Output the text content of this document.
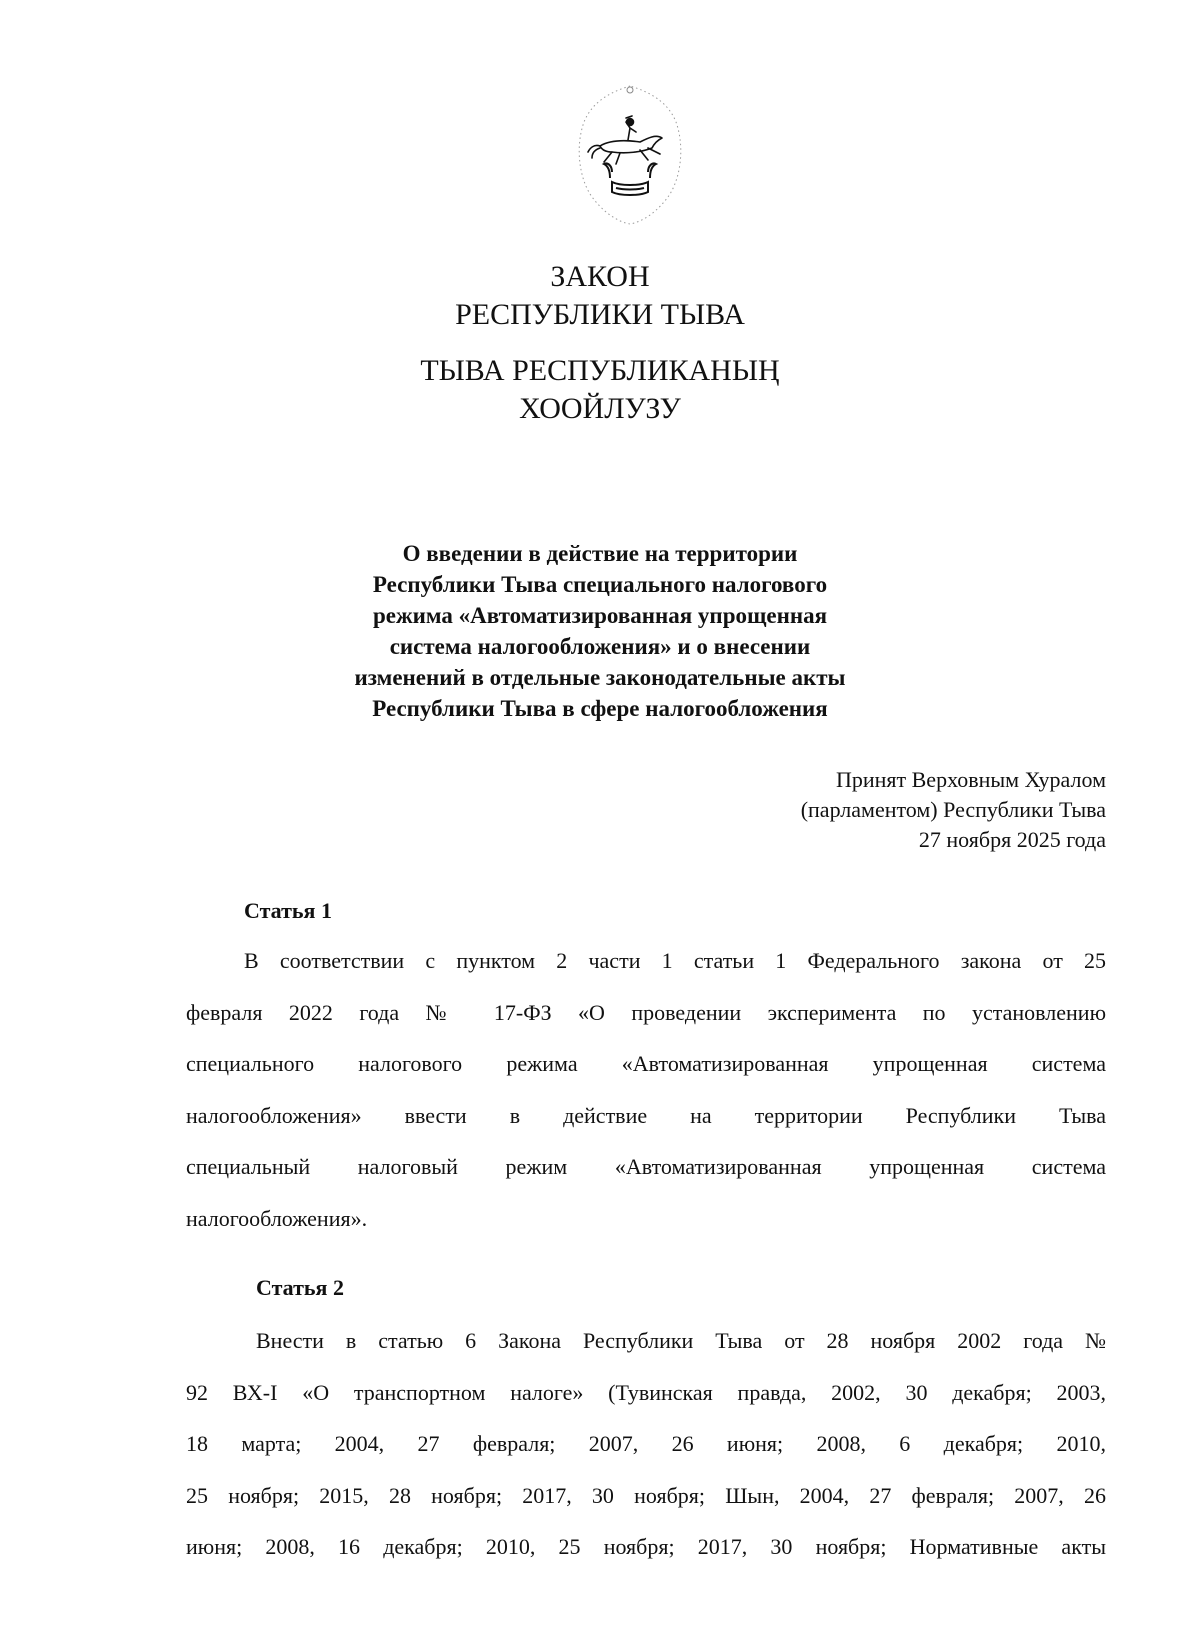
ЗАКОН
РЕСПУБЛИКИ ТЫВА
ТЫВА РЕСПУБЛИКАНЫҢ
ХООЙЛУЗУ
О введении в действие на территории
Республики Тыва специального налогового
режима «Автоматизированная упрощенная
система налогообложения» и о внесении
изменений в отдельные законодательные акты
Республики Тыва в сфере налогообложения
Принят Верховным Хуралом
(парламентом) Республики Тыва
27 ноября 2025 года
Статья 1
В соответствии с пунктом 2 части 1 статьи 1 Федерального закона от 25
февраля 2022 года № 17-ФЗ «О проведении эксперимента по установлению
специального налогового режима «Автоматизированная упрощенная система
налогообложения» ввести в действие на территории Республики Тыва
специальный налоговый режим «Автоматизированная упрощенная система
налогообложения».
Статья 2
Внести в статью 6 Закона Республики Тыва от 28 ноября 2002 года №
92 ВХ-I «О транспортном налоге» (Тувинская правда, 2002, 30 декабря; 2003,
18 марта; 2004, 27 февраля; 2007, 26 июня; 2008, 6 декабря; 2010,
25 ноября; 2015, 28 ноября; 2017, 30 ноября; Шын, 2004, 27 февраля; 2007, 26
июня; 2008, 16 декабря; 2010, 25 ноября; 2017, 30 ноября; Нормативные акты
